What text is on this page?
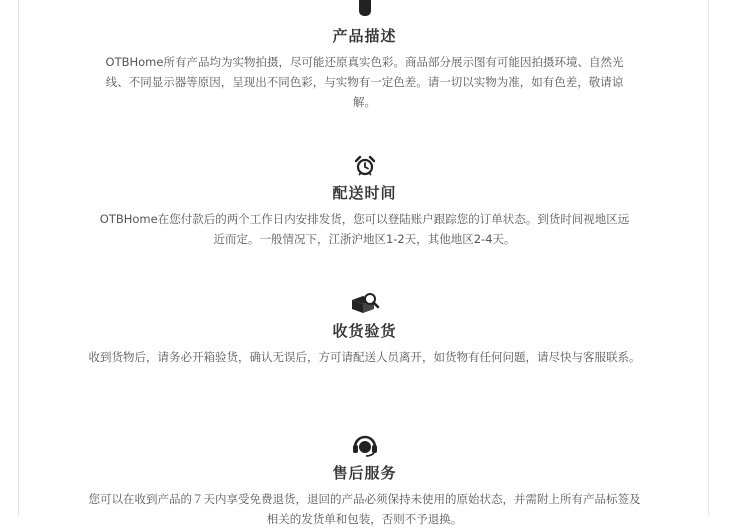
产品描述
OTBHome所有产品均为实物拍摄，尽可能还原真实色彩。商品部分展示图有可能因拍摄环境、自然光线、不同显示器等原因，呈现出不同色彩，与实物有一定色差。请一切以实物为准，如有色差，敬请谅解。
配送时间
OTBHome在您付款后的两个工作日内安排发货，您可以登陆账户跟踪您的订单状态。到货时间视地区远近而定。一般情况下，江浙沪地区1-2天，其他地区2-4天。
收货验货
收到货物后，请务必开箱验货，确认无误后，方可请配送人员离开，如货物有任何问题，请尽快与客服联系。
售后服务
您可以在收到产品的７天内享受免费退货，退回的产品必须保持未使用的原始状态，并需附上所有产品标签及相关的发货单和包装，否则不予退换。
